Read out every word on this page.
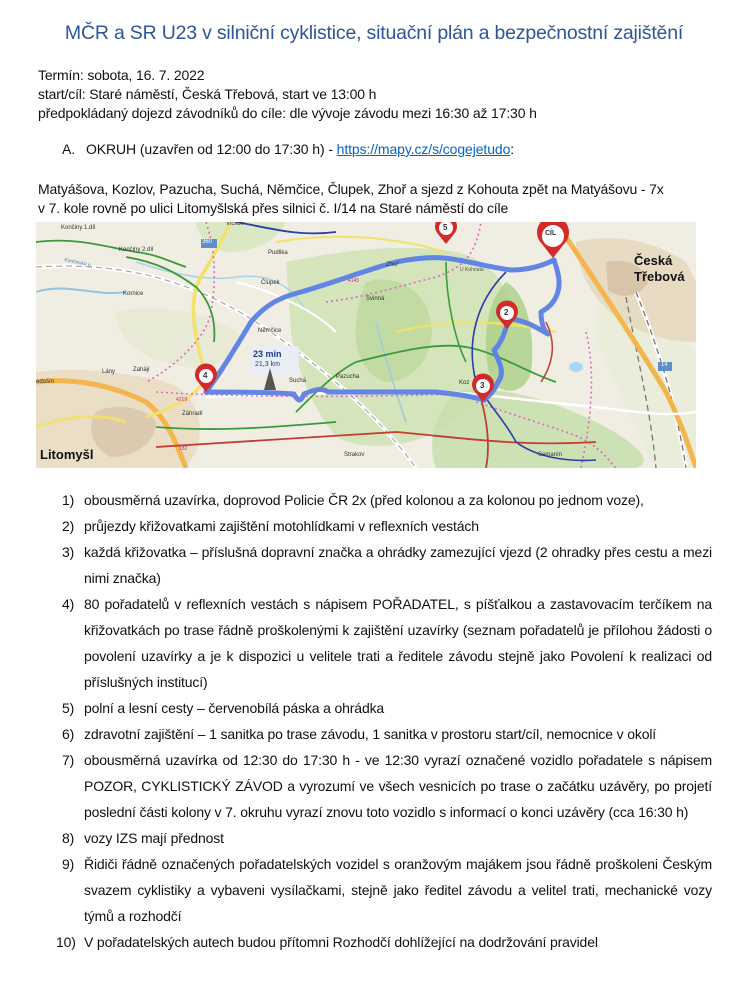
MČR a SR U23 v silniční cyklistice, situační plán a bezpečnostní zajištění
Termín: sobota, 16. 7. 2022
start/cíl: Staré náměstí, Česká Třebová, start ve 13:00 h
předpokládaný dojezd závodníků do cíle: dle vývoje závodu mezi 16:30 až 17:30 h
A. OKRUH (uzavřen od 12:00 do 17:30 h) - https://mapy.cz/s/cogejetudo:
Matyášova, Kozlov, Pazucha, Suchá, Němčice, Člupek, Zhoř a sjezd z Kohouta zpět na Matyášovu - 7x
v 7. kole rovně po ulici Litomyšlská přes silnici č. I/14 na Staré náměstí do cíle
CÍL
5
2
3
4
23 min
21,3 km
Litomyšl
Česká
Třebová
Končiny 1.díl
Končiny 2.díl
Končinský p.
Kornice
Lány	Zahájí
Záhradí
edošín
Němčice
Suchá
Pazucha
Člupek
Pudlika
Vlčkov
Zhoř
Svinná
U Kohouta
Semanín
Strakov
Koz
360
14
4145
4219
182
1) obousměrná uzavírka, doprovod Policie ČR 2x (před kolonou a za kolonou po jednom voze),
2) průjezdy křižovatkami zajištění motohlídkami v reflexních vestách
3) každá křižovatka – příslušná dopravní značka a ohrádky zamezující vjezd (2 ohradky přes cestu a mezi nimi značka)
4) 80 pořadatelů v reflexních vestách s nápisem POŘADATEL, s píšťalkou a zastavovacím terčíkem na křižovatkách po trase řádně proškolenými k zajištění uzavírky (seznam pořadatelů je přílohou žádosti o povolení uzavírky a je k dispozici u velitele trati a ředitele závodu stejně jako Povolení k realizaci od příslušných institucí)
5) polní a lesní cesty – červenobílá páska a ohrádka
6) zdravotní zajištění – 1 sanitka po trase závodu, 1 sanitka v prostoru start/cíl, nemocnice v okolí
7) obousměrná uzavírka od 12:30 do 17:30 h - ve 12:30 vyrazí označené vozidlo pořadatele s nápisem POZOR, CYKLISTICKÝ ZÁVOD a vyrozumí ve všech vesnicích po trase o začátku uzávěry, po projetí poslední části kolony v 7. okruhu vyrazí znovu toto vozidlo s informací o konci uzávěry (cca 16:30 h)
8) vozy IZS mají přednost
9) Řidiči řádně označených pořadatelských vozidel s oranžovým majákem jsou řádně proškoleni Českým svazem cyklistiky a vybaveni vysílačkami, stejně jako ředitel závodu a velitel trati, mechanické vozy týmů a rozhodčí
10) V pořadatelských autech budou přítomni Rozhodčí dohlížející na dodržování pravidel
